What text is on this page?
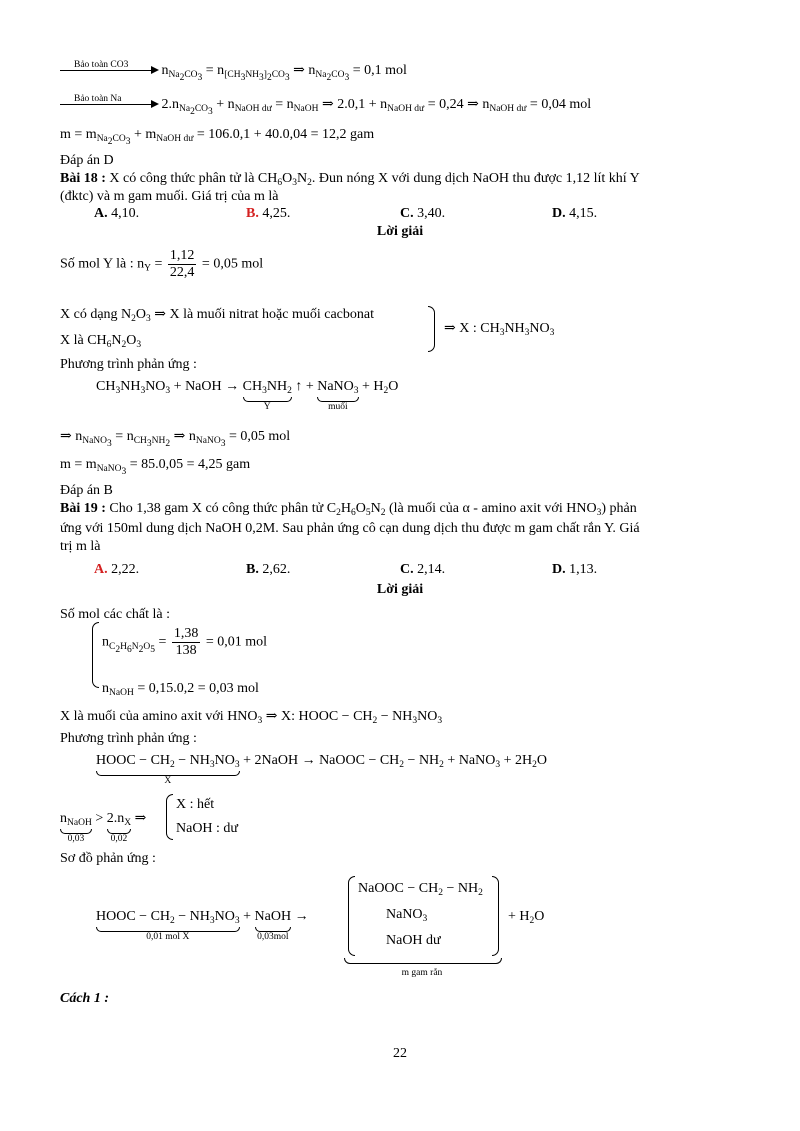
Bảo toàn CO3 $n_{Na_2CO_3} = n_{[CH_3NH_3]_2CO_3}$ ⇒ $n_{Na_2CO_3} = 0,1$ mol
Bảo toàn Na	$2.n_{Na_2CO_3} + n_{NaOH dư} = n_{NaOH}$ ⇒ $2.0,1 + n_{NaOH dư} = 0,24$ ⇒ $n_{NaOH dư} = 0,04$ mol
$m = m_{Na_2CO_3} + m_{NaOH dư} = 106.0,1 + 40.0,04 = 12,2$ gam
Đáp án D
Bài 18 : X có công thức phân tử là $CH_6O_3N_2$. Đun nóng X với dung dịch NaOH thu được 1,12 lít khí Y
(đktc) và m gam muối. Giá trị của m là
A. 4,10.	B. 4,25.	C. 3,40.	D. 4,15.
Lời giải
Số mol Y là : $n_Y = \frac{1,12}{22,4} = 0,05$ mol
X có dạng $N_2O_3$ ⇒ X là muối nitrat hoặc muối cacbonat
X là $CH_6N_2O_3$
⇒ X : $CH_3NH_3NO_3$
Phương trình phản ứng :
$CH_3NH_3NO_3$ + NaOH → $CH_3NH_2$
Y
↑ + NaNO$_3$
muối
+ $H_2O$
⇒ $n_{NaNO_3} = n_{CH_3NH_2}$ ⇒ $n_{NaNO_3} = 0,05$ mol
$m = m_{NaNO_3} = 85.0,05 = 4,25$ gam
Đáp án B
Bài 19 : Cho 1,38 gam X có công thức phân tử $C_2H_6O_5N_2$ (là muối của α - amino axit với $HNO_3$) phản
ứng với 150ml dung dịch NaOH 0,2M. Sau phản ứng cô cạn dung dịch thu được m gam chất rắn Y. Giá
trị m là
A. 2,22.	B. 2,62.	C. 2,14.	D. 1,13.
Lời giải
Số mol các chất là :
$n_{C_2H_6N_2O_5} = \frac{1,38}{138} = 0,01$ mol
$n_{NaOH} = 0,15.0,2 = 0,03$ mol
X là muối của amino axit với $HNO_3$ ⇒ X: HOOC − $CH_2 - NH_3NO_3$
Phương trình phản ứng :
HOOC − $CH_2 - NH_3NO_3$
X
+ 2NaOH → NaOOC − $CH_2 - NH_2$ + NaNO$_3$ + $2H_2O$
$n_{NaOH}$
0,03
> $2.n_X$
0,02
⇒
X : hết
NaOH : dư
Sơ đồ phản ứng :
HOOC − $CH_2 - NH_3NO_3$
0,01 mol X
+ NaOH
0,03mol
→
NaOOC − $CH_2 - NH_2$
NaNO$_3$
NaOH dư
m gam rắn
+ $H_2O$
Cách 1 :
22
